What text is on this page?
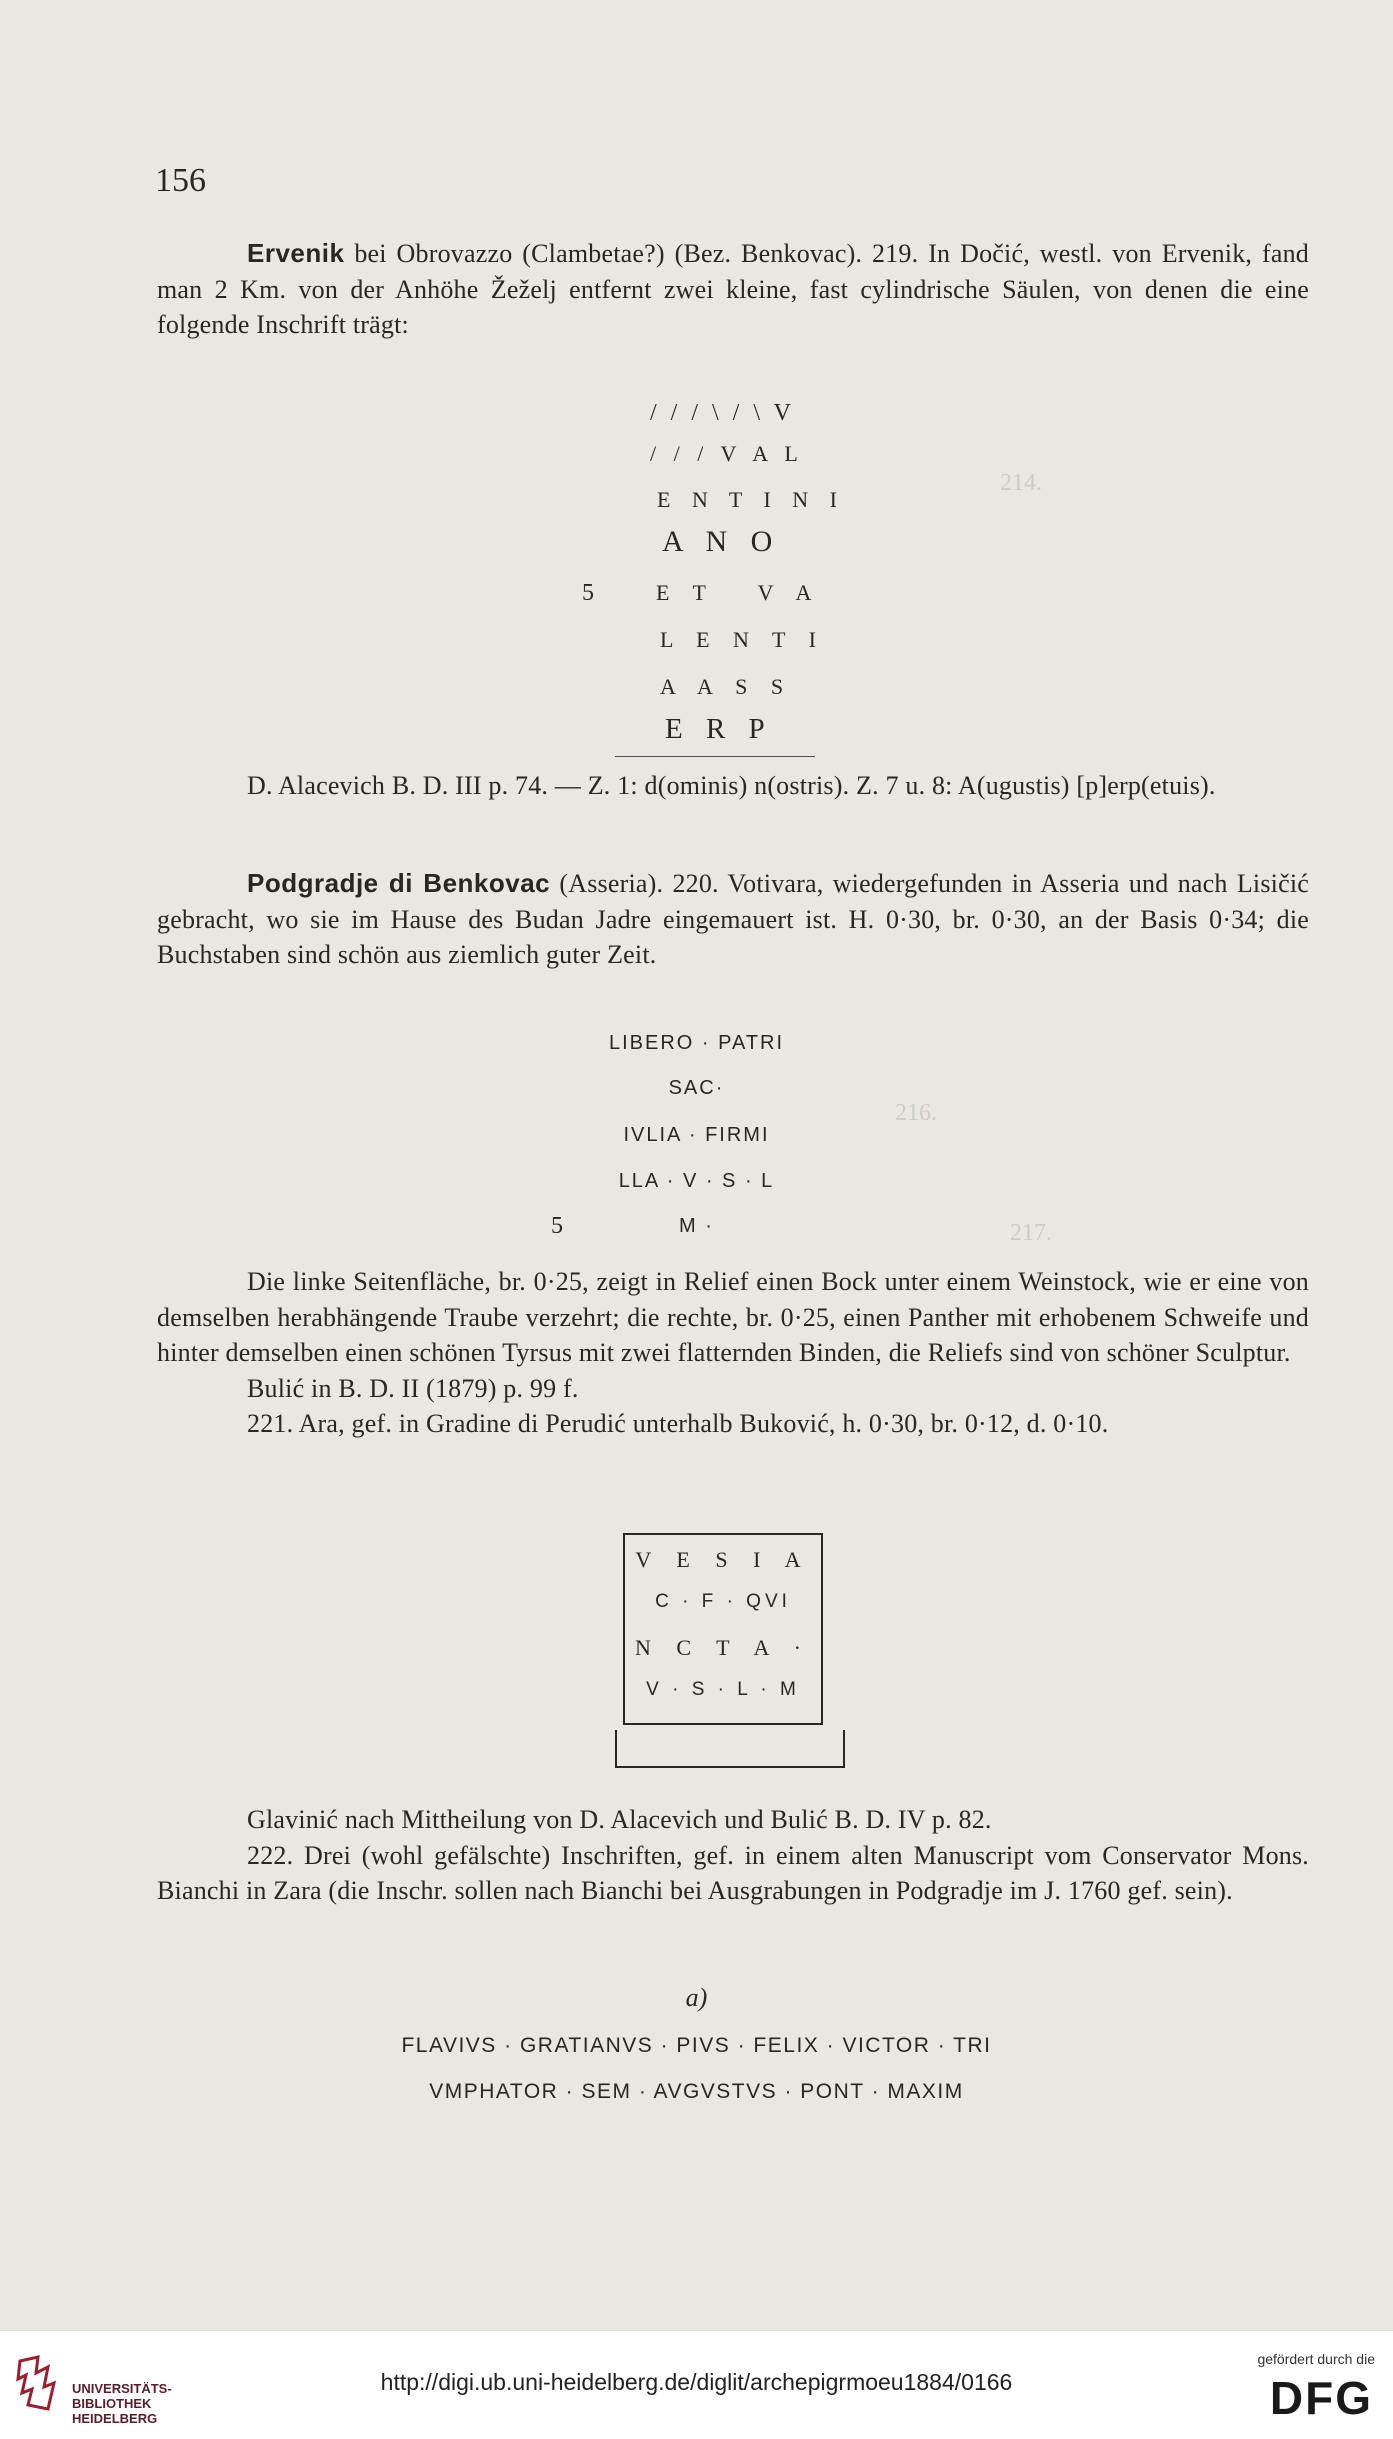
214.
216.
217.
156

Ervenik bei Obrovazzo (Clambetae?) (Bez. Benkovac). 219. In Dočić, westl. von Ervenik, fand man 2 Km. von der Anhöhe Žeželj entfernt zwei kleine, fast cylindrische Säulen, von denen die eine folgende Inschrift trägt:

/ / / \ / \ V
/ / / V A L
E N T I N I
A N O
5	E T   V A
L E N T I
A A S S
E R P

D. Alacevich B. D. III p. 74. — Z. 1: d(ominis) n(ostris). Z. 7 u. 8: A(ugustis) [p]erp(etuis).

Podgradje di Benkovac (Asseria). 220. Votivara, wiedergefunden in Asseria und nach Lisičić gebracht, wo sie im Hause des Budan Jadre eingemauert ist. H. 0·30, br. 0·30, an der Basis 0·34; die Buchstaben sind schön aus ziemlich guter Zeit.

LIBERO · PATRI
SAC·
IVLIA · FIRMI
LLA · V · S · L
5	M ·

Die linke Seitenfläche, br. 0·25, zeigt in Relief einen Bock unter einem Weinstock, wie er eine von demselben herabhängende Traube verzehrt; die rechte, br. 0·25, einen Panther mit erhobenem Schweife und hinter demselben einen schönen Tyrsus mit zwei flatternden Binden, die Reliefs sind von schöner Sculptur.

Bulić in B. D. II (1879) p. 99 f.

221. Ara, gef. in Gradine di Perudić unterhalb Buković, h. 0·30, br. 0·12, d. 0·10.

V E S I A
C · F · QVI
N C T A ·
V · S · L · M

Glavinić nach Mittheilung von D. Alacevich und Bulić B. D. IV p. 82.

222. Drei (wohl gefälschte) Inschriften, gef. in einem alten Manuscript vom Conservator Mons. Bianchi in Zara (die Inschr. sollen nach Bianchi bei Ausgrabungen in Podgradje im J. 1760 gef. sein).

a)
FLAVIVS · GRATIANVS · PIVS · FELIX · VICTOR · TRI
VMPHATOR · SEM · AVGVSTVS · PONT · MAXIM
UNIVERSITÄTS-
BIBLIOTHEK
HEIDELBERG
http://digi.ub.uni-heidelberg.de/diglit/archepigrmoeu1884/0166
gefördert durch die
DFG
